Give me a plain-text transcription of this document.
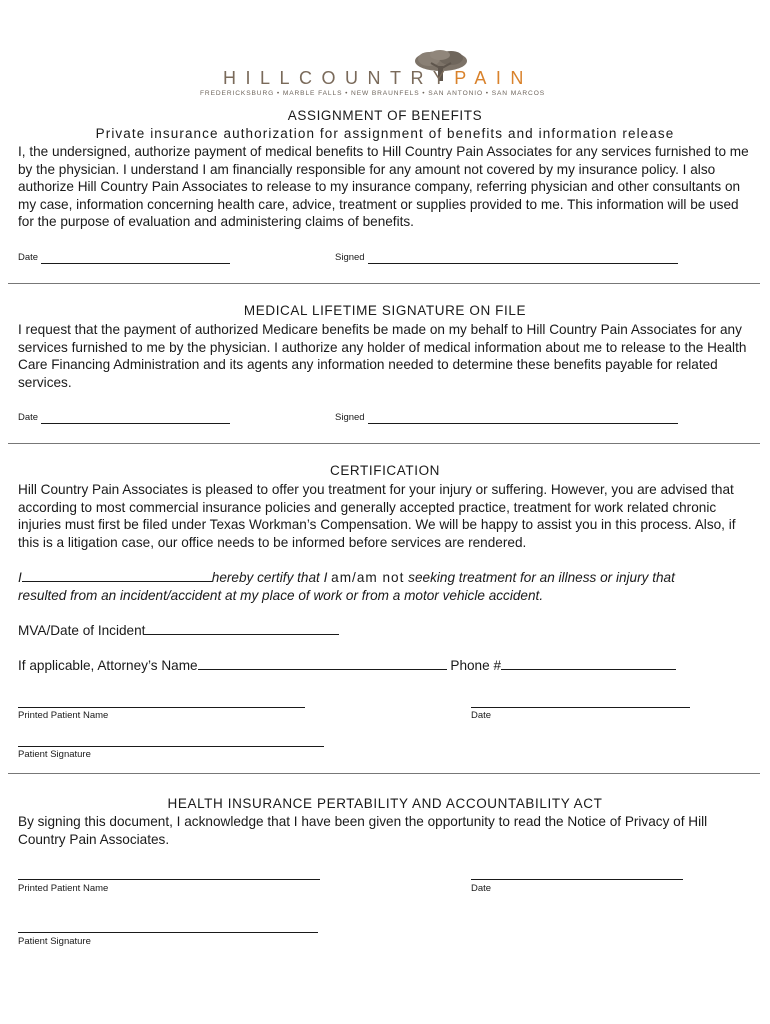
HILLCOUNTRYPAIN
FREDERICKSBURG • MARBLE FALLS • NEW BRAUNFELS • SAN ANTONIO • SAN MARCOS
ASSIGNMENT OF BENEFITS
Private insurance authorization for assignment of benefits and information release
I, the undersigned, authorize payment of medical benefits to Hill Country Pain Associates for any services furnished to me by the physician. I understand I am financially responsible for any amount not covered by my insurance policy. I also authorize Hill Country Pain Associates to release to my insurance company, referring physician and other consultants on my case, information concerning health care, advice, treatment or supplies provided to me. This information will be used for the purpose of evaluation and administering claims of benefits.
Date	Signed
MEDICAL LIFETIME SIGNATURE ON FILE
I request that the payment of authorized Medicare benefits be made on my behalf to Hill Country Pain Associates for any services furnished to me by the physician. I authorize any holder of medical information about me to release to the Health Care Financing Administration and its agents any information needed to determine these benefits payable for related services.
Date	Signed
CERTIFICATION
Hill Country Pain Associates is pleased to offer you treatment for your injury or suffering. However, you are advised that according to most commercial insurance policies and generally accepted practice, treatment for work related chronic injuries must first be filed under Texas Workman’s Compensation. We will be happy to assist you in this process. Also, if this is a litigation case, our office needs to be informed before services are rendered.
I	hereby certify that I am/am not seeking treatment for an illness or injury that
resulted from an incident/accident at my place of work or from a motor vehicle accident.
MVA/Date of Incident
If applicable, Attorney’s Name	Phone #
Printed Patient Name	Date
Patient Signature
HEALTH INSURANCE PERTABILITY AND ACCOUNTABILITY ACT
By signing this document, I acknowledge that I have been given the opportunity to read the Notice of Privacy of Hill Country Pain Associates.
Printed Patient Name	Date
Patient Signature
